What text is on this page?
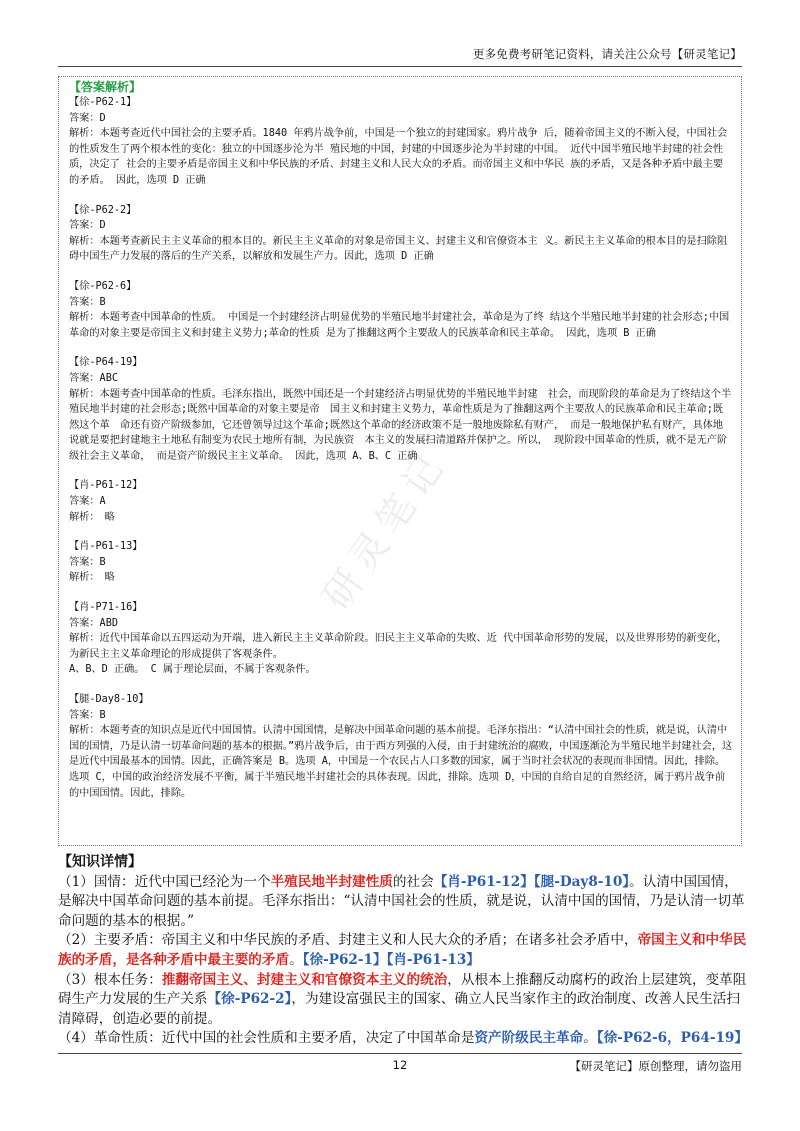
更多免费考研笔记资料，请关注公众号【研灵笔记】
研灵笔记
【答案解析】

【徐-P62-1】

答案：D

解析：本题考查近代中国社会的主要矛盾。1840 年鸦片战争前，中国是一个独立的封建国家。鸦片战争 后，随着帝国主义的不断入侵，中国社会的性质发生了两个根本性的变化：独立的中国逐步沦为半 殖民地的中国，封建的中国逐步沦为半封建的中国。 近代中国半殖民地半封建的社会性质，决定了 社会的主要矛盾是帝国主义和中华民族的矛盾、封建主义和人民大众的矛盾。而帝国主义和中华民 族的矛盾，又是各种矛盾中最主要的矛盾。 因此，选项 D 正确

【徐-P62-2】

答案：D

解析：本题考查新民主主义革命的根本目的。新民主主义革命的对象是帝国主义、封建主义和官僚资本主 义。新民主主义革命的根本目的是扫除阻碍中国生产力发展的落后的生产关系，以解放和发展生产力。因此，选项 D 正确

【徐-P62-6】

答案：B

解析：本题考查中国革命的性质。 中国是一个封建经济占明显优势的半殖民地半封建社会，革命是为了终 结这个半殖民地半封建的社会形态;中国革命的对象主要是帝国主义和封建主义势力;革命的性质 是为了推翻这两个主要敌人的民族革命和民主革命。 因此，选项 B 正确

【徐-P64-19】

答案：ABC

解析：本题考查中国革命的性质。毛泽东指出，既然中国还是一个封建经济占明显优势的半殖民地半封建　社会，而现阶段的革命是为了终结这个半殖民地半封建的社会形态;既然中国革命的对象主要是帝　国主义和封建主义势力，革命性质是为了推翻这两个主要敌人的民族革命和民主革命;既然这个革　命还有资产阶级参加，它还曾领导过这个革命;既然这个革命的经济政策不是一般地废除私有财产， 而是一般地保护私有财产，具体地说就是要把封建地主土地私有制变为农民土地所有制，为民族资　本主义的发展扫清道路并保护之。所以， 现阶段中国革命的性质，就不是无产阶级社会主义革命， 而是资产阶级民主主义革命。 因此，选项 A、B、C 正确

【肖-P61-12】

答案：A

解析：　略

【肖-P61-13】

答案：B

解析：　略

【肖-P71-16】

答案：ABD

解析：近代中国革命以五四运动为开端，进入新民主主义革命阶段。旧民主主义革命的失败、近 代中国革命形势的发展，以及世界形势的新变化，为新民主主义革命理论的形成提供了客观条件。

A、B、D 正确。 C 属于理论层面，不属于客观条件。

【腿-Day8-10】

答案：B

解析：本题考查的知识点是近代中国国情。认清中国国情，是解决中国革命问题的基本前提。毛泽东指出：“认清中国社会的性质，就是说，认清中国的国情，乃是认清一切革命问题的基本的根据。”鸦片战争后，由于西方列强的入侵，由于封建统治的腐败，中国逐渐沦为半殖民地半封建社会，这是近代中国最基本的国情。因此，正确答案是 B。选项 A，中国是一个农民占人口多数的国家，属于当时社会状况的表现而非国情。因此，排除。选项 C，中国的政治经济发展不平衡，属于半殖民地半封建社会的具体表现。因此，排除。选项 D，中国的自给自足的自然经济，属于鸦片战争前的中国国情。因此，排除。

【知识详情】

（1）国情：近代中国已经沦为一个半殖民地半封建性质的社会【肖-P61-12】【腿-Day8-10】。认清中国国情，是解决中国革命问题的基本前提。毛泽东指出：“认清中国社会的性质，就是说，认清中国的国情，乃是认清一切革命问题的基本的根据。”

（2）主要矛盾：帝国主义和中华民族的矛盾、封建主义和人民大众的矛盾；在诸多社会矛盾中，帝国主义和中华民族的矛盾，是各种矛盾中最主要的矛盾。【徐-P62-1】【肖-P61-13】

（3）根本任务：推翻帝国主义、封建主义和官僚资本主义的统治，从根本上推翻反动腐朽的政治上层建筑，变革阻碍生产力发展的生产关系【徐-P62-2】，为建设富强民主的国家、确立人民当家作主的政治制度、改善人民生活扫清障碍，创造必要的前提。

（4）革命性质：近代中国的社会性质和主要矛盾，决定了中国革命是资产阶级民主革命。【徐-P62-6，P64-19】

12	【研灵笔记】原创整理，请勿盗用
